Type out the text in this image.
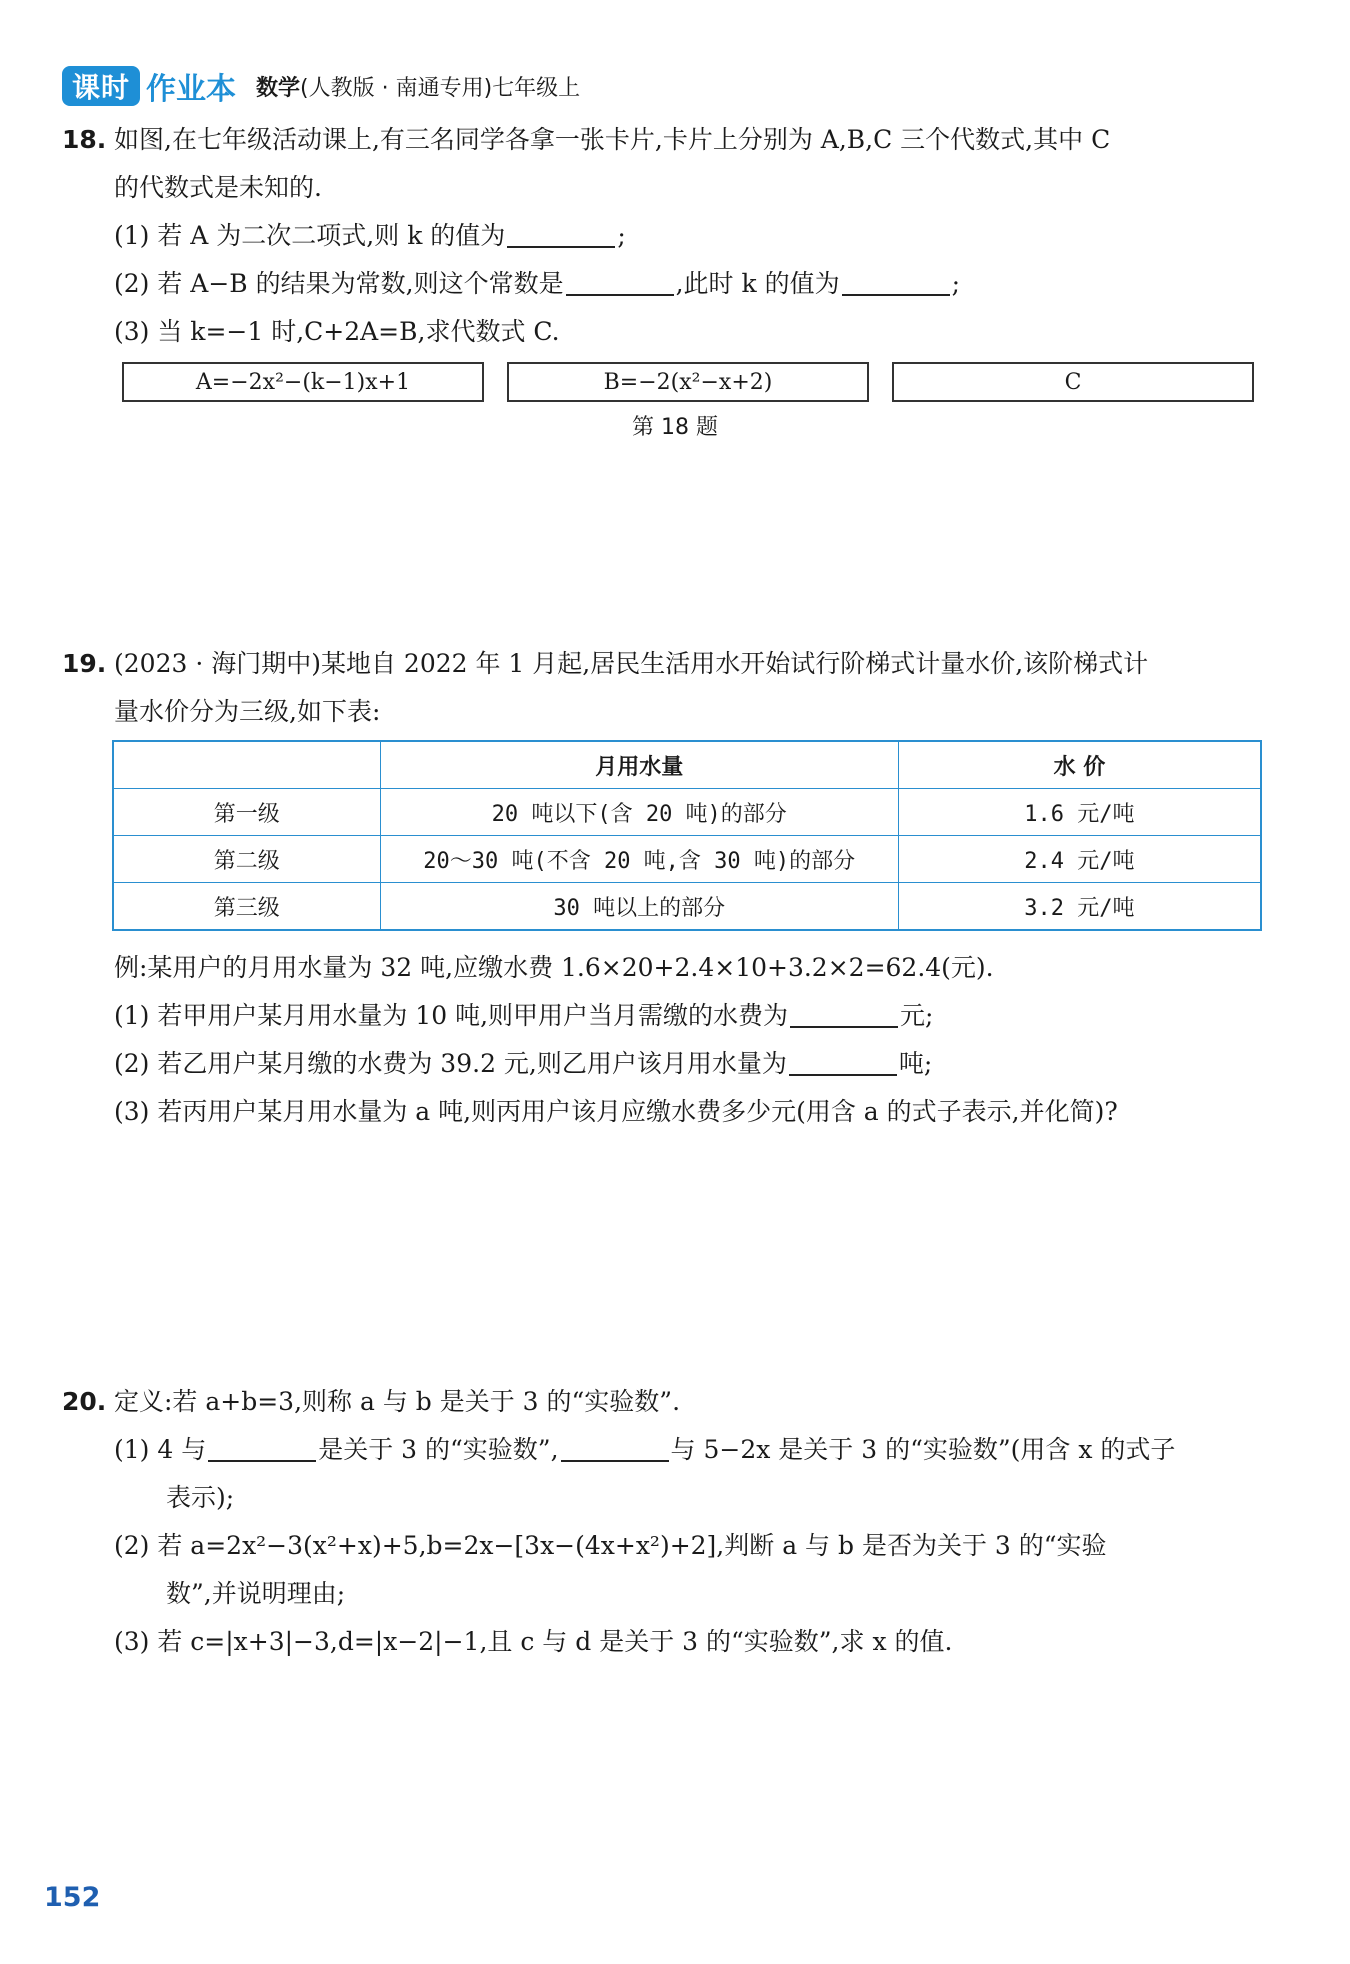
课时 作业本 数学(人教版 · 南通专用)七年级上
18. 如图,在七年级活动课上,有三名同学各拿一张卡片,卡片上分别为 A,B,C 三个代数式,其中 C
的代数式是未知的.
(1) 若 A 为二次二项式,则 k 的值为	;
(2) 若 A−B 的结果为常数,则这个常数是	,此时 k 的值为	;
(3) 当 k=−1 时,C+2A=B,求代数式 C.
A=−2x²−(k−1)x+1	B=−2(x²−x+2)	C
第 18 题
19. (2023 · 海门期中)某地自 2022 年 1 月起,居民生活用水开始试行阶梯式计量水价,该阶梯式计
量水价分为三级,如下表:
	月用水量	水 价
第一级	20 吨以下(含 20 吨)的部分	1.6 元/吨
第二级	20～30 吨(不含 20 吨,含 30 吨)的部分	2.4 元/吨
第三级	30 吨以上的部分	3.2 元/吨
例:某用户的月用水量为 32 吨,应缴水费 1.6×20+2.4×10+3.2×2=62.4(元).
(1) 若甲用户某月用水量为 10 吨,则甲用户当月需缴的水费为	元;
(2) 若乙用户某月缴的水费为 39.2 元,则乙用户该月用水量为	吨;
(3) 若丙用户某月用水量为 a 吨,则丙用户该月应缴水费多少元(用含 a 的式子表示,并化简)?
20. 定义:若 a+b=3,则称 a 与 b 是关于 3 的“实验数”.
(1) 4 与	是关于 3 的“实验数”,	与 5−2x 是关于 3 的“实验数”(用含 x 的式子
表示);
(2) 若 a=2x²−3(x²+x)+5,b=2x−[3x−(4x+x²)+2],判断 a 与 b 是否为关于 3 的“实验
数”,并说明理由;
(3) 若 c=|x+3|−3,d=|x−2|−1,且 c 与 d 是关于 3 的“实验数”,求 x 的值.
152
